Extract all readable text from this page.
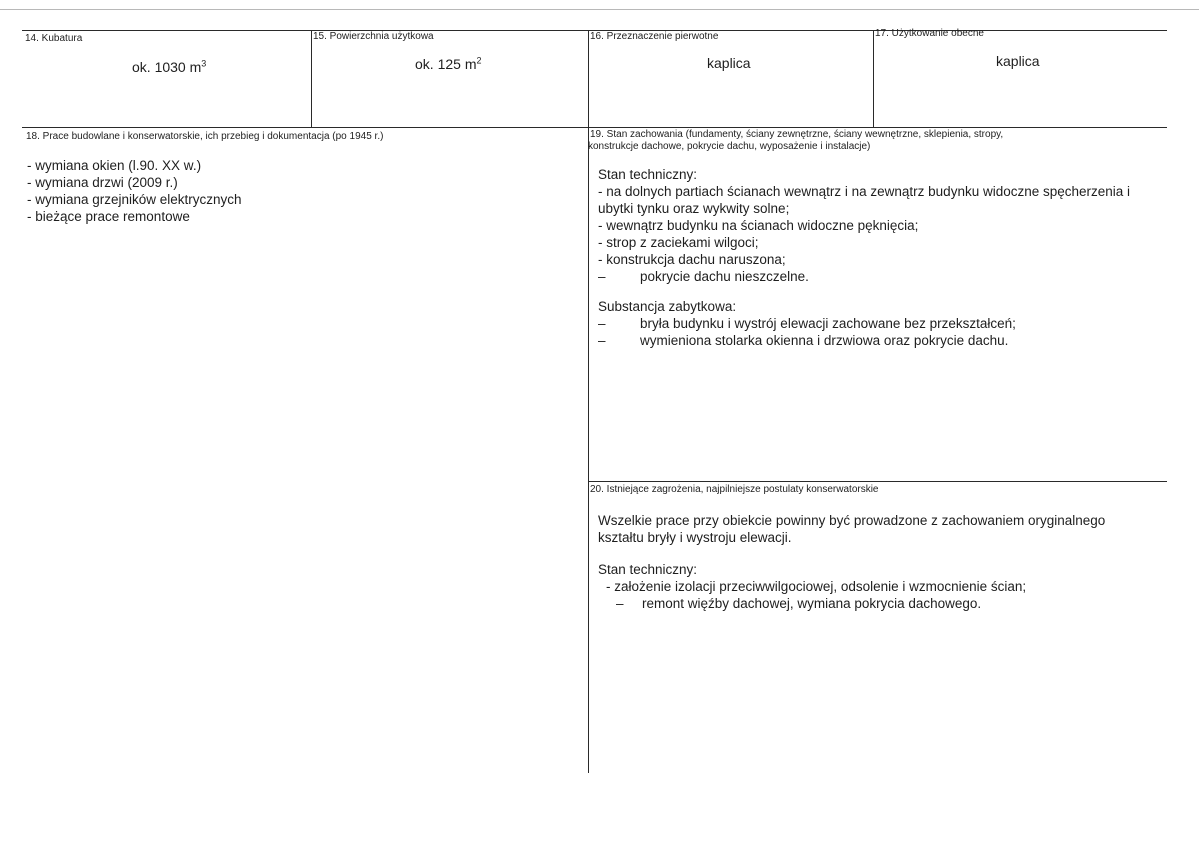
14. Kubatura
ok. 1030 $m^3$
15. Powierzchnia użytkowa
ok. 125 $m^2$
16. Przeznaczenie pierwotne
kaplica
17. Użytkowanie obecne
kaplica
18. Prace budowlane i konserwatorskie, ich przebieg i dokumentacja (po 1945 r.)
- wymiana okien (l.90. XX w.)
- wymiana drzwi (2009 r.)
- wymiana grzejników elektrycznych
- bieżące prace remontowe
19. Stan zachowania (fundamenty, ściany zewnętrzne, ściany wewnętrzne, sklepienia, stropy,
konstrukcje dachowe, pokrycie dachu, wyposażenie i instalacje)
Stan techniczny:
- na dolnych partiach ścianach wewnątrz i na zewnątrz budynku widoczne spęcherzenia i
ubytki tynku oraz wykwity solne;
- wewnątrz budynku na ścianach widoczne pęknięcia;
- strop z zaciekami wilgoci;
- konstrukcja dachu naruszona;
–	pokrycie dachu nieszczelne.
Substancja zabytkowa:
–	bryła budynku i wystrój elewacji zachowane bez przekształceń;
–	wymieniona stolarka okienna i drzwiowa oraz pokrycie dachu.
20. Istniejące zagrożenia, najpilniejsze postulaty konserwatorskie
Wszelkie prace przy obiekcie powinny być prowadzone z zachowaniem oryginalnego
kształtu bryły i wystroju elewacji.
Stan techniczny:
- założenie izolacji przeciwwilgociowej, odsolenie i wzmocnienie ścian;
– remont więźby dachowej, wymiana pokrycia dachowego.
